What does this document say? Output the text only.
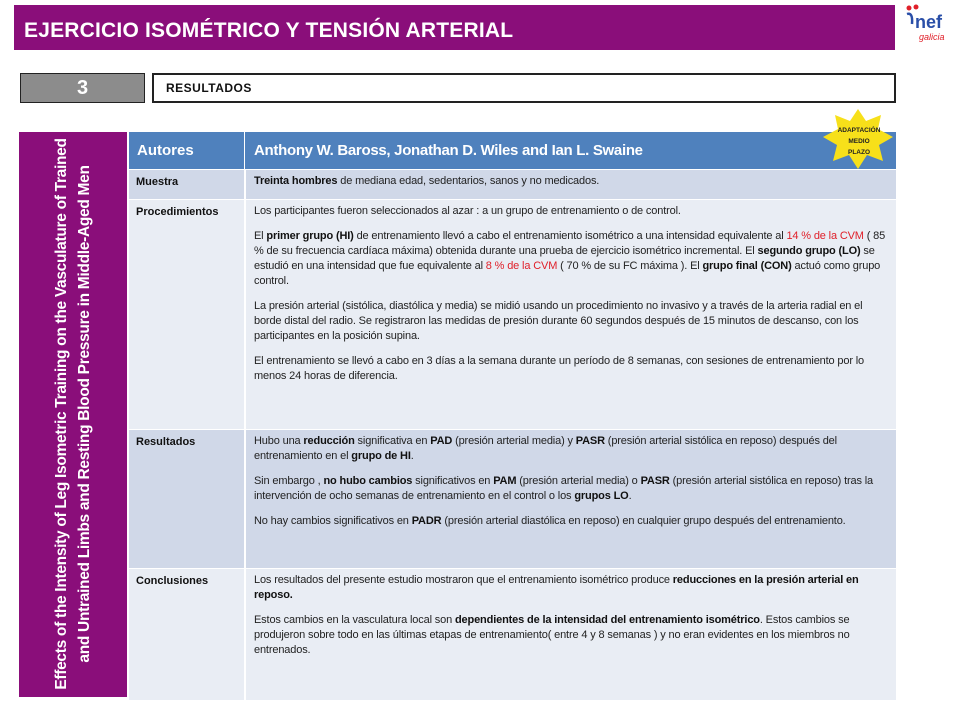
EJERCICIO ISOMÉTRICO Y TENSIÓN ARTERIAL	nef
galicia
3	RESULTADOS
Effects of the Intensity of Leg Isometric Training on the Vasculature of Trained and Untrained Limbs and Resting Blood Pressure in Middle-Aged Men
Autores	Anthony W. Baross, Jonathan D. Wiles and Ian L. Swaine
Muestra	Treinta hombres de mediana edad, sedentarios, sanos y no medicados.
Procedimientos	Los participantes fueron seleccionados al azar : a un grupo de entrenamiento o de control.

El primer grupo (HI) de entrenamiento llevó a cabo el entrenamiento isométrico a una intensidad equivalente al 14 % de la CVM ( 85 % de su frecuencia cardíaca máxima) obtenida durante una prueba de ejercicio isométrico incremental. El segundo grupo (LO) se estudió en una intensidad que fue equivalente al 8 % de la CVM ( 70 % de su FC máxima ). El grupo final (CON) actuó como grupo control.

La presión arterial (sistólica, diastólica y media) se midió usando un procedimiento no invasivo y a través de la arteria radial en el borde distal del radio. Se registraron las medidas de presión durante 60 segundos después de 15 minutos de descanso, con los participantes en la posición supina.

El entrenamiento se llevó a cabo en 3 días a la semana durante un período de 8 semanas, con sesiones de entrenamiento por lo menos 24 horas de diferencia.

Resultados	Hubo una reducción significativa en PAD (presión arterial media) y PASR (presión arterial sistólica en reposo) después del entrenamiento en el grupo de HI.

Sin embargo , no hubo cambios significativos en PAM (presión arterial media) o PASR (presión arterial sistólica en reposo) tras la intervención de ocho semanas de entrenamiento en el control o los grupos LO.

No hay cambios significativos en PADR (presión arterial diastólica en reposo) en cualquier grupo después del entrenamiento.

Conclusiones	Los resultados del presente estudio mostraron que el entrenamiento isométrico produce reducciones en la presión arterial en reposo.

Estos cambios en la vasculatura local son dependientes de la intensidad del entrenamiento isométrico. Estos cambios se produjeron sobre todo en las últimas etapas de entrenamiento( entre 4 y 8 semanas ) y no eran evidentes en los miembros no entrenados.

ADAPTACIÓN
MEDIO
PLAZO
